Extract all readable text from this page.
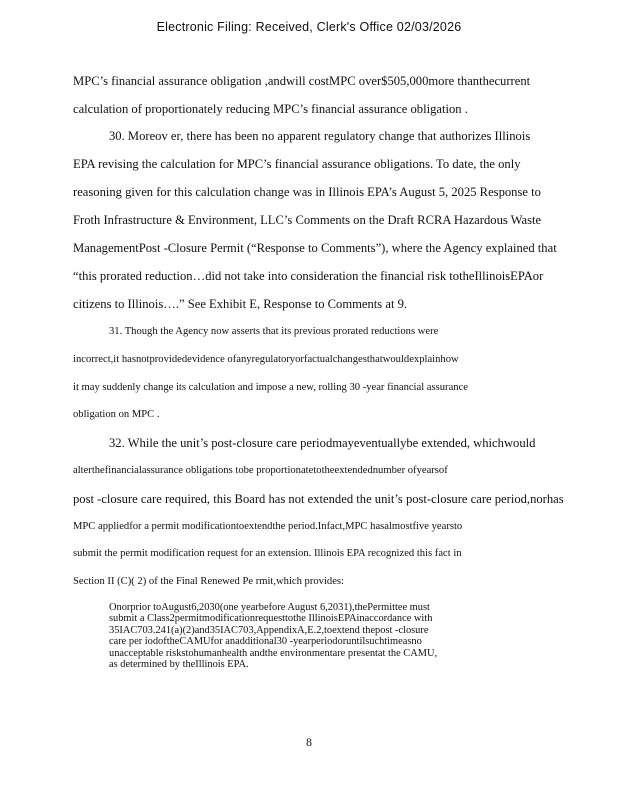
Electronic Filing: Received, Clerk's Office 02/03/2026
MPC’s financial assurance obligation ,andwill costMPC over$505,000more thanthecurrent
calculation of proportionately reducing MPC’s financial assurance obligation .
30. Moreov er, there has been no apparent regulatory change that authorizes Illinois
EPA revising the calculation for MPC’s financial assurance obligations. To date, the only
reasoning given for this calculation change was in Illinois EPA’s August 5, 2025 Response to
Froth Infrastructure & Environment, LLC’s Comments on the Draft RCRA Hazardous Waste
ManagementPost -Closure Permit (“Response to Comments”), where the Agency explained that
“this prorated reduction…did not take into consideration the financial risk totheIllinoisEPAor
citizens to Illinois….” See Exhibit E, Response to Comments at 9.
31. Though the Agency now asserts that its previous prorated reductions were
incorrect,it hasnotprovidedevidence ofanyregulatoryorfactualchangesthatwouldexplainhow
it may suddenly change its calculation and impose a new, rolling 30 -year financial assurance
obligation on MPC .
32. While the unit’s post-closure care periodmayeventuallybe extended, whichwould
alterthefinancialassurance obligations tobe proportionatetotheextendednumber ofyearsof
post -closure care required, this Board has not extended the unit’s post-closure care period,norhas
MPC appliedfor a permit modificationtoextendthe period.Infact,MPC hasalmostfive yearsto
submit the permit modification request for an extension. Illinois EPA recognized this fact in
Section II (C)( 2) of the Final Renewed Pe rmit,which provides:
Onorprior toAugust6,2030(one yearbefore August 6,2031),thePermittee must
submit a Class2permitmodificationrequesttothe IllinoisEPAinaccordance with
35IAC703.241(a)(2)and35IAC703,AppendixA,E.2,toextend thepost -closure
care per iodoftheCAMUfor anadditional30 -yearperiodoruntilsuchtimeasno
unacceptable riskstohumanhealth andthe environmentare presentat the CAMU,
as determined by theIllinois EPA.
8
